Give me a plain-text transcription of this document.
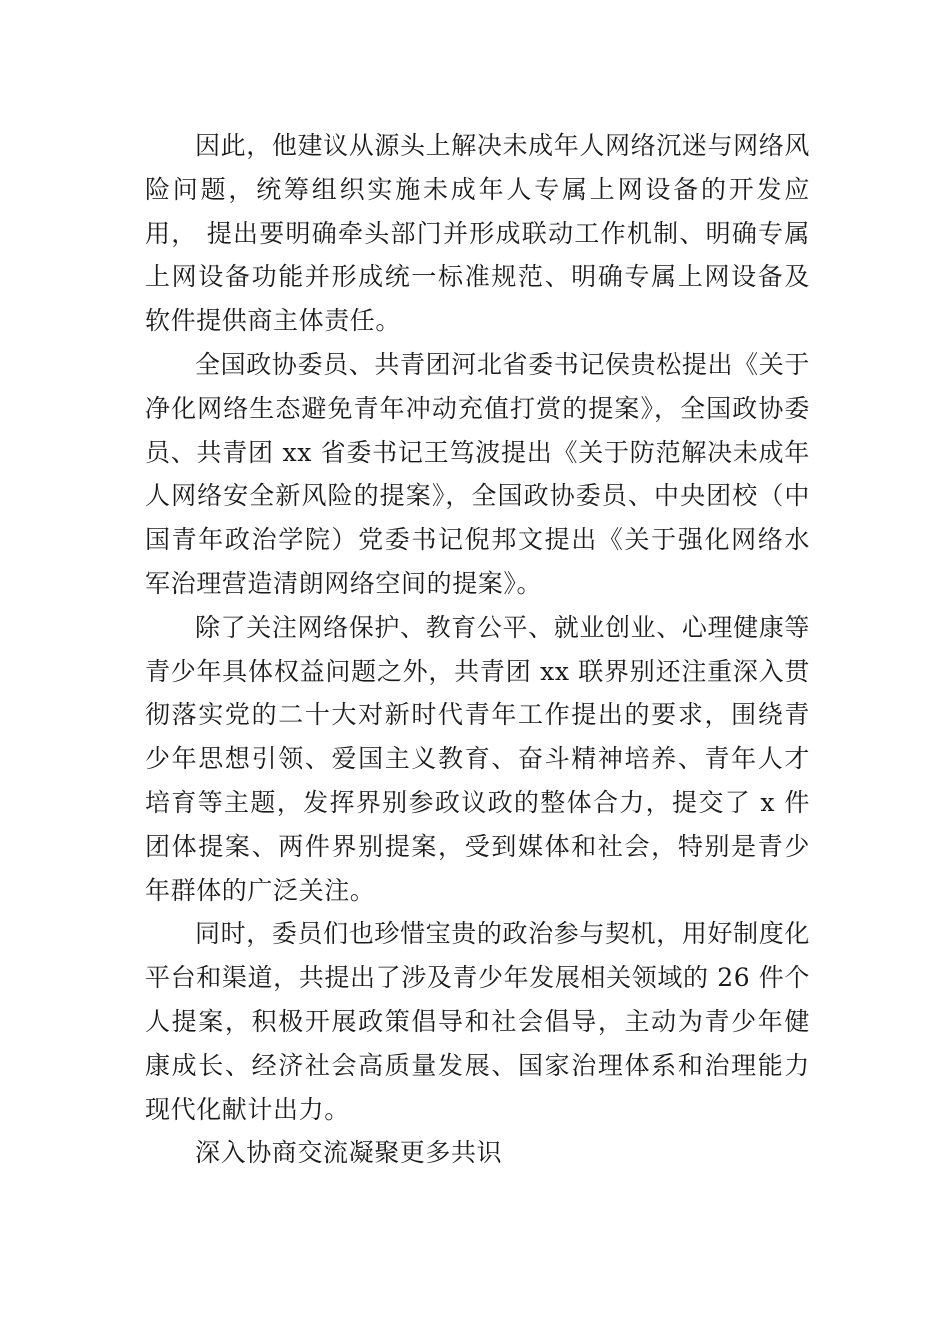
因此，他建议从源头上解决未成年人网络沉迷与网络风险问题，统筹组织实施未成年人专属上网设备的开发应用， 提出要明确牵头部门并形成联动工作机制、明确专属上网设备功能并形成统一标准规范、明确专属上网设备及软件提供商主体责任。

全国政协委员、共青团河北省委书记侯贵松提出《关于净化网络生态避免青年冲动充值打赏的提案》，全国政协委 员、共青团 xx 省委书记王笃波提出《关于防范解决未成年人网络安全新风险的提案》，全国政协委员、中央团校（中国青年政治学院）党委书记倪邦文提出《关于强化网络水军治理营造清朗网络空间的提案》。

除了关注网络保护、教育公平、就业创业、心理健康等青少年具体权益问题之外，共青团 xx 联界别还注重深入贯彻落实党的二十大对新时代青年工作提出的要求，围绕青少年思想引领、爱国主义教育、奋斗精神培养、青年人才培育等主题，发挥界别参政议政的整体合力，提交了 x 件团体提案、两件界别提案，受到媒体和社会，特别是青少年群体的广泛关注。

同时，委员们也珍惜宝贵的政治参与契机，用好制度化平台和渠道，共提出了涉及青少年发展相关领域的 26 件个人提案，积极开展政策倡导和社会倡导，主动为青少年健康成长、经济社会高质量发展、国家治理体系和治理能力现代化献计出力。

深入协商交流凝聚更多共识
